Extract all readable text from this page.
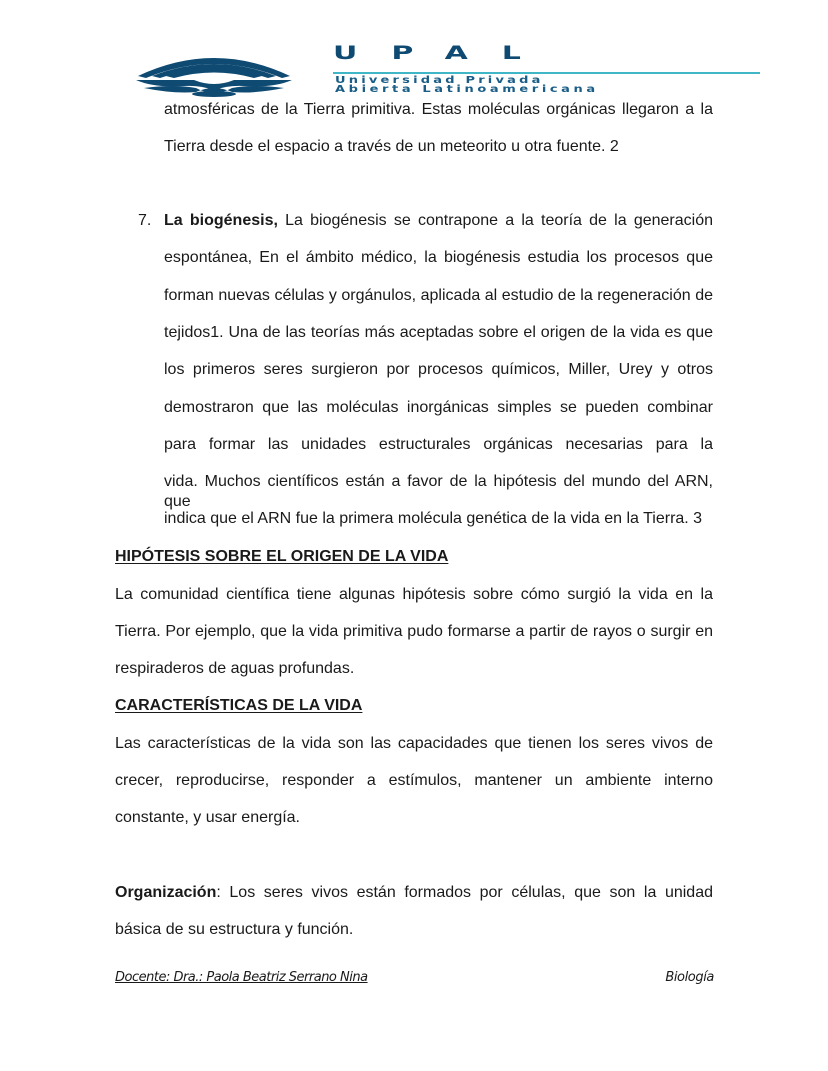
UPAL
Universidad Privada
Abierta Latinoamericana
atmosféricas de la Tierra primitiva. Estas moléculas orgánicas llegaron a la
Tierra desde el espacio a través de un meteorito u otra fuente. 2
7. La biogénesis, La biogénesis se contrapone a la teoría de la generación
espontánea, En el ámbito médico, la biogénesis estudia los procesos que
forman nuevas células y orgánulos, aplicada al estudio de la regeneración de
tejidos1. Una de las teorías más aceptadas sobre el origen de la vida es que
los primeros seres surgieron por procesos químicos, Miller, Urey y otros
demostraron que las moléculas inorgánicas simples se pueden combinar
para formar las unidades estructurales orgánicas necesarias para la
vida. Muchos científicos están a favor de la hipótesis del mundo del ARN, que
indica que el ARN fue la primera molécula genética de la vida en la Tierra. 3
HIPÓTESIS SOBRE EL ORIGEN DE LA VIDA
La comunidad científica tiene algunas hipótesis sobre cómo surgió la vida en la
Tierra. Por ejemplo, que la vida primitiva pudo formarse a partir de rayos o surgir en
respiraderos de aguas profundas.
CARACTERÍSTICAS DE LA VIDA
Las características de la vida son las capacidades que tienen los seres vivos de
crecer, reproducirse, responder a estímulos, mantener un ambiente interno
constante, y usar energía.
Organización: Los seres vivos están formados por células, que son la unidad
básica de su estructura y función.
Docente: Dra.: Paola Beatriz Serrano Nina	Biología
